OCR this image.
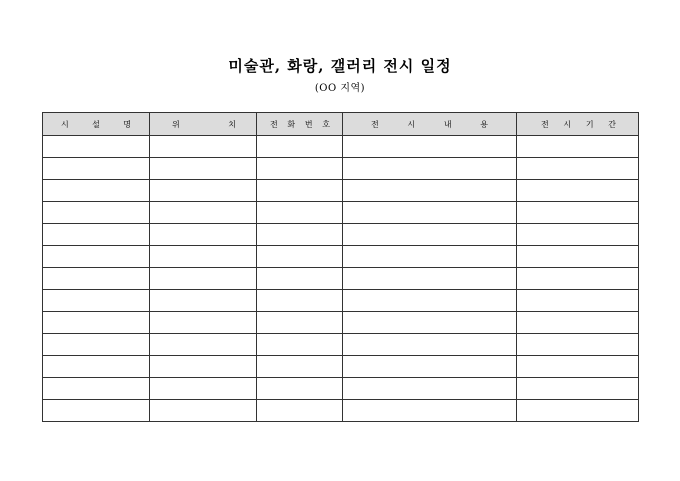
미술관, 화랑, 갤러리 전시 일정
(OO 지역)
시 설 명	위 치	전 화 번 호	전 시 내 용	전 시 기 간
